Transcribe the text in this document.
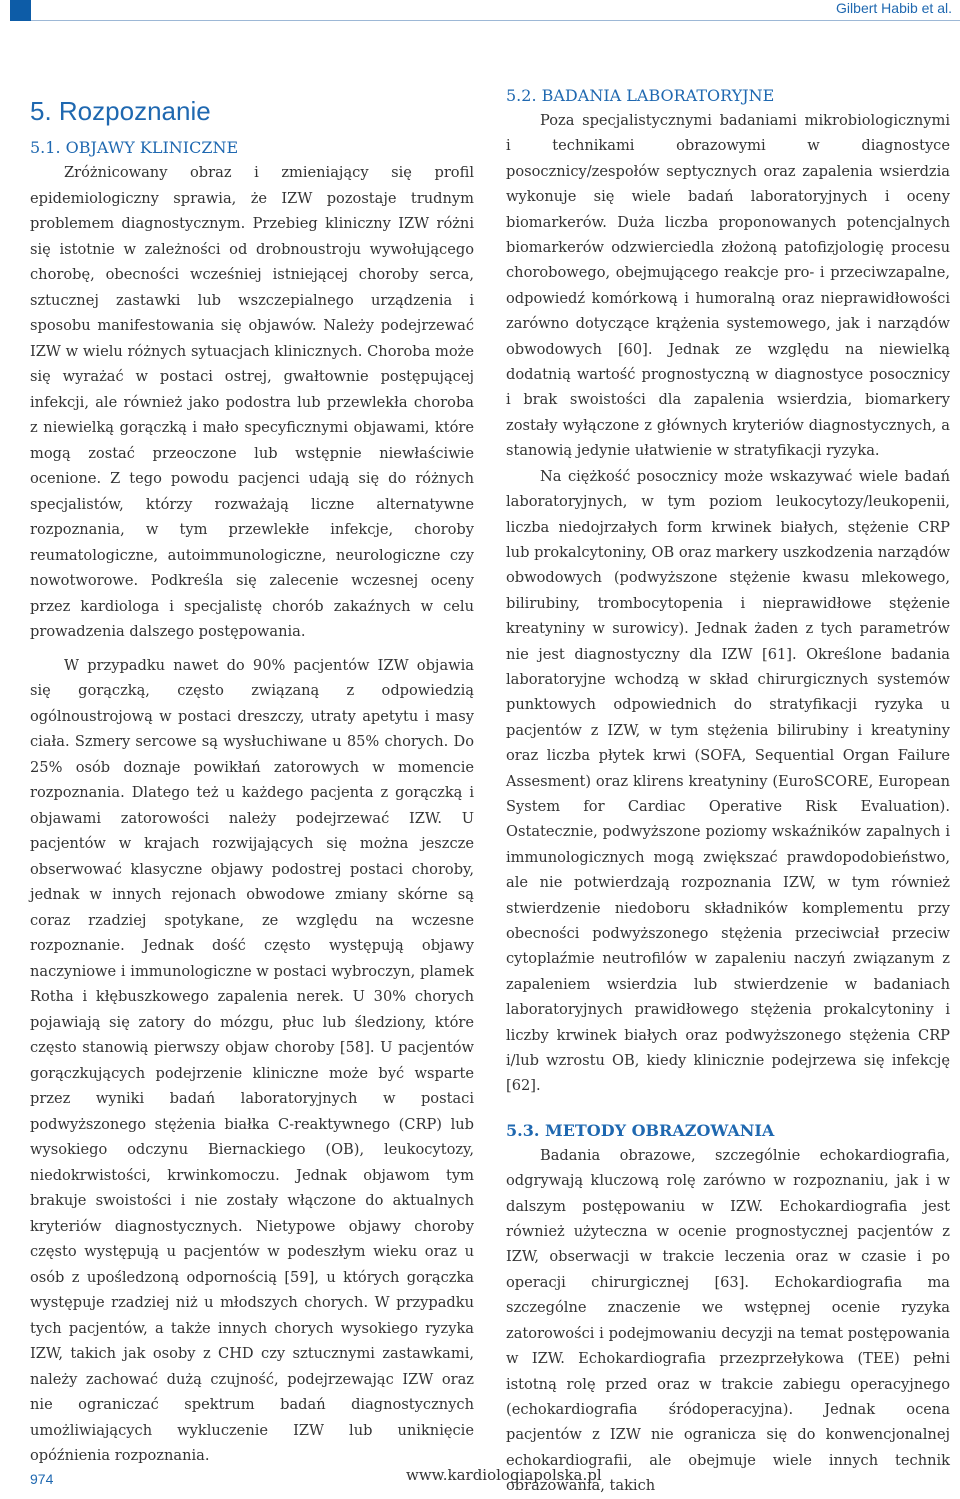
Gilbert Habib et al.
5. Rozpoznanie
5.1. OBJAWY KLINICZNE

Zróżnicowany obraz i zmieniający się profil epidemiologiczny sprawia, że IZW pozostaje trudnym problemem diagnostycznym. Przebieg kliniczny IZW różni się istotnie w zależności od drobnoustroju wywołującego chorobę, obecności wcześniej istniejącej choroby serca, sztucznej zastawki lub wszczepialnego urządzenia i sposobu manifestowania się objawów. Należy podejrzewać IZW w wielu różnych sytuacjach klinicznych. Choroba może się wyrażać w postaci ostrej, gwałtownie postępującej infekcji, ale również jako podostra lub przewlekła choroba z niewielką gorączką i mało specyficznymi objawami, które mogą zostać przeoczone lub wstępnie niewłaściwie ocenione. Z tego powodu pacjenci udają się do różnych specjalistów, którzy rozważają liczne alternatywne rozpoznania, w tym przewlekłe infekcje, choroby reumatologiczne, autoimmunologiczne, neurologiczne czy nowotworowe. Podkreśla się zalecenie wczesnej oceny przez kardiologa i specjalistę chorób zakaźnych w celu prowadzenia dalszego postępowania.

W przypadku nawet do 90% pacjentów IZW objawia się gorączką, często związaną z odpowiedzią ogólnoustrojową w postaci dreszczy, utraty apetytu i masy ciała. Szmery sercowe są wysłuchiwane u 85% chorych. Do 25% osób doznaje powikłań zatorowych w momencie rozpoznania. Dlatego też u każdego pacjenta z gorączką i objawami zatorowości należy podejrzewać IZW. U pacjentów w krajach rozwijających się można jeszcze obserwować klasyczne objawy podostrej postaci choroby, jednak w innych rejonach obwodowe zmiany skórne są coraz rzadziej spotykane, ze względu na wczesne rozpoznanie. Jednak dość często występują objawy naczyniowe i immunologiczne w postaci wybroczyn, plamek Rotha i kłębuszkowego zapalenia nerek. U 30% chorych pojawiają się zatory do mózgu, płuc lub śledziony, które często stanowią pierwszy objaw choroby [58]. U pacjentów gorączkujących podejrzenie kliniczne może być wsparte przez wyniki badań laboratoryjnych w postaci podwyższonego stężenia białka C-reaktywnego (CRP) lub wysokiego odczynu Biernackiego (OB), leukocytozy, niedokrwistości, krwinkomoczu. Jednak objawom tym brakuje swoistości i nie zostały włączone do aktualnych kryteriów diagnostycznych. Nietypowe objawy choroby często występują u pacjentów w podeszłym wieku oraz u osób z upośledzoną odpornością [59], u których gorączka występuje rzadziej niż u młodszych chorych. W przypadku tych pacjentów, a także innych chorych wysokiego ryzyka IZW, takich jak osoby z CHD czy sztucznymi zastawkami, należy zachować dużą czujność, podejrzewając IZW oraz nie ograniczać spektrum badań diagnostycznych umożliwiających wykluczenie IZW lub uniknięcie opóźnienia rozpoznania.

5.2. BADANIA LABORATORYJNE

Poza specjalistycznymi badaniami mikrobiologicznymi i technikami obrazowymi w diagnostyce posocznicy/zespołów septycznych oraz zapalenia wsierdzia wykonuje się wiele badań laboratoryjnych i oceny biomarkerów. Duża liczba proponowanych potencjalnych biomarkerów odzwierciedla złożoną patofizjologię procesu chorobowego, obejmującego reakcje pro- i przeciwzapalne, odpowiedź komórkową i humoralną oraz nieprawidłowości zarówno dotyczące krążenia systemowego, jak i narządów obwodowych [60]. Jednak ze względu na niewielką dodatnią wartość prognostyczną w diagnostyce posocznicy i brak swoistości dla zapalenia wsierdzia, biomarkery zostały wyłączone z głównych kryteriów diagnostycznych, a stanowią jedynie ułatwienie w stratyfikacji ryzyka.

Na ciężkość posocznicy może wskazywać wiele badań laboratoryjnych, w tym poziom leukocytozy/leukopenii, liczba niedojrzałych form krwinek białych, stężenie CRP lub prokalcytoniny, OB oraz markery uszkodzenia narządów obwodowych (podwyższone stężenie kwasu mlekowego, bilirubiny, trombocytopenia i nieprawidłowe stężenie kreatyniny w surowicy). Jednak żaden z tych parametrów nie jest diagnostyczny dla IZW [61]. Określone badania laboratoryjne wchodzą w skład chirurgicznych systemów punktowych odpowiednich do stratyfikacji ryzyka u pacjentów z IZW, w tym stężenia bilirubiny i kreatyniny oraz liczba płytek krwi (SOFA, Sequential Organ Failure Assesment) oraz klirens kreatyniny (EuroSCORE, European System for Cardiac Operative Risk Evaluation). Ostatecznie, podwyższone poziomy wskaźników zapalnych i immunologicznych mogą zwiększać prawdopodobieństwo, ale nie potwierdzają rozpoznania IZW, w tym również stwierdzenie niedoboru składników komplementu przy obecności podwyższonego stężenia przeciwciał przeciw cytoplaźmie neutrofilów w zapaleniu naczyń związanym z zapaleniem wsierdzia lub stwierdzenie w badaniach laboratoryjnych prawidłowego stężenia prokalcytoniny i liczby krwinek białych oraz podwyższonego stężenia CRP i/lub wzrostu OB, kiedy klinicznie podejrzewa się infekcję [62].

5.3. METODY OBRAZOWANIA

Badania obrazowe, szczególnie echokardiografia, odgrywają kluczową rolę zarówno w rozpoznaniu, jak i w dalszym postępowaniu w IZW. Echokardiografia jest również użyteczna w ocenie prognostycznej pacjentów z IZW, obserwacji w trakcie leczenia oraz w czasie i po operacji chirurgicznej [63]. Echokardiografia ma szczególne znaczenie we wstępnej ocenie ryzyka zatorowości i podejmowaniu decyzji na temat postępowania w IZW. Echokardiografia przezprzełykowa (TEE) pełni istotną rolę przed oraz w trakcie zabiegu operacyjnego (echokardiografia śródoperacyjna). Jednak ocena pacjentów z IZW nie ogranicza się do konwencjonalnej echokardiografii, ale obejmuje wiele innych technik obrazowania, takich

974	www.kardiologiapolska.pl
